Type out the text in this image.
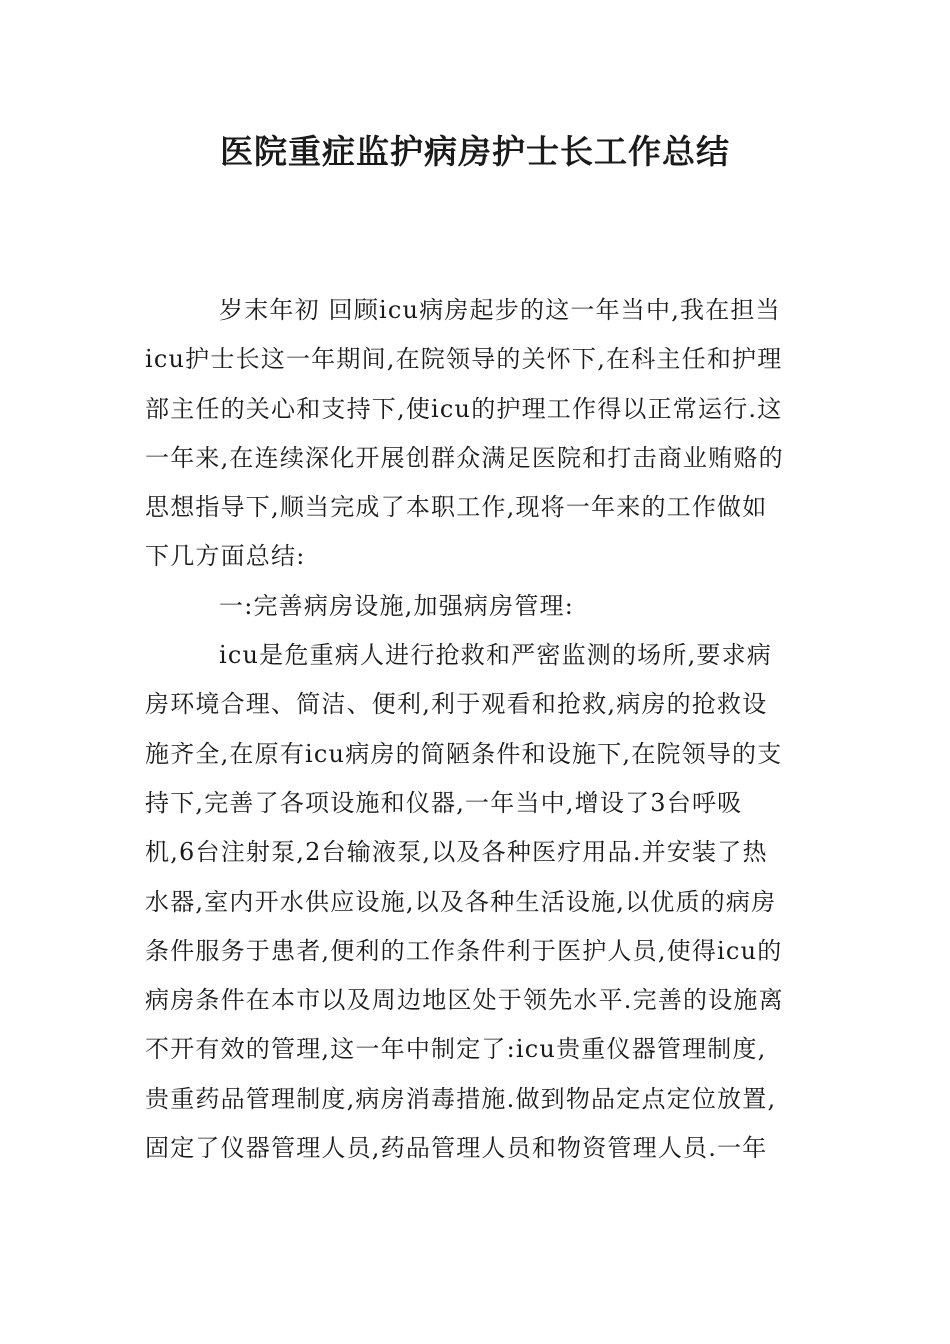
医院重症监护病房护士长工作总结
岁末年初 回顾icu病房起步的这一年当中,我在担当
icu护士长这一年期间,在院领导的关怀下,在科主任和护理
部主任的关心和支持下,使icu的护理工作得以正常运行.这
一年来,在连续深化开展创群众满足医院和打击商业贿赂的
思想指导下,顺当完成了本职工作,现将一年来的工作做如
下几方面总结:
一:完善病房设施,加强病房管理:
icu是危重病人进行抢救和严密监测的场所,要求病
房环境合理、简洁、便利,利于观看和抢救,病房的抢救设
施齐全,在原有icu病房的简陋条件和设施下,在院领导的支
持下,完善了各项设施和仪器,一年当中,增设了3台呼吸
机,6台注射泵,2台输液泵,以及各种医疗用品.并安装了热
水器,室内开水供应设施,以及各种生活设施,以优质的病房
条件服务于患者,便利的工作条件利于医护人员,使得icu的
病房条件在本市以及周边地区处于领先水平.完善的设施离
不开有效的管理,这一年中制定了:icu贵重仪器管理制度,
贵重药品管理制度,病房消毒措施.做到物品定点定位放置,
固定了仪器管理人员,药品管理人员和物资管理人员.一年
